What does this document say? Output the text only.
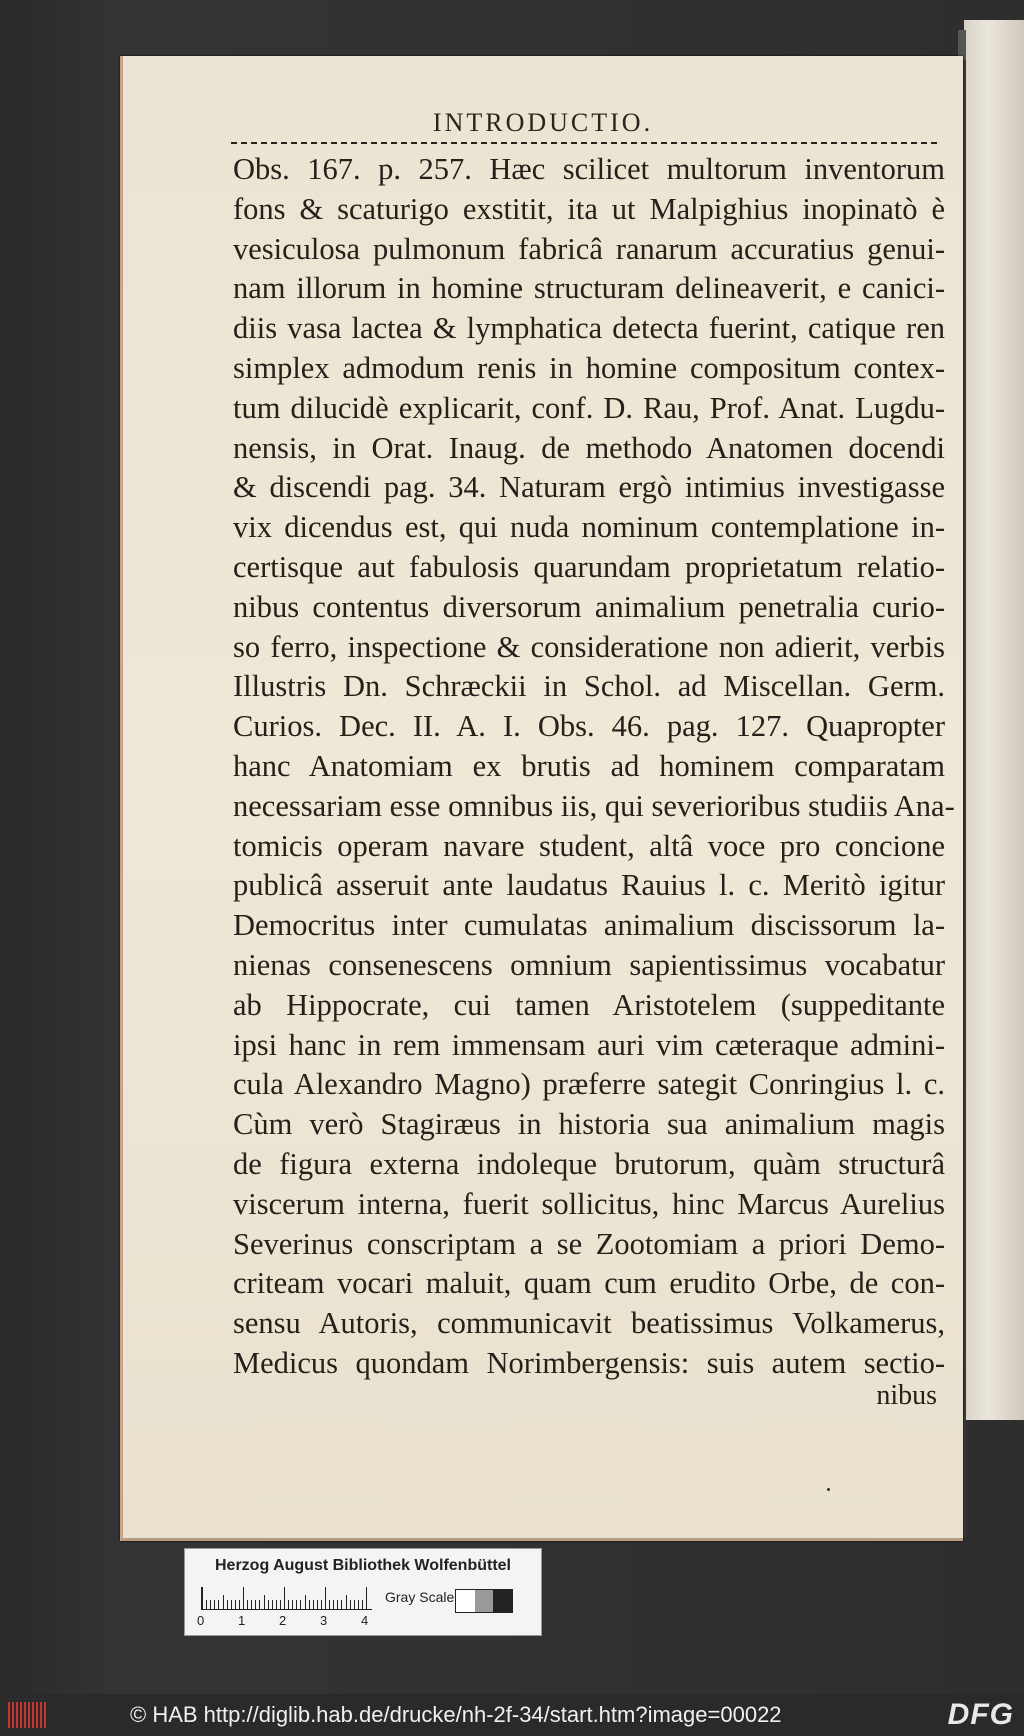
INTRODUCTIO.
Obs. 167. p. 257. Hæc scilicet multorum inventorum
fons & scaturigo exstitit, ita ut Malpighius inopinatò è
vesiculosa pulmonum fabricâ ranarum accuratius genui-
nam illorum in homine structuram delineaverit, e canici-
diis vasa lactea & lymphatica detecta fuerint, catique ren
simplex admodum renis in homine compositum contex-
tum dilucidè explicarit, conf. D. Rau, Prof. Anat. Lugdu-
nensis, in Orat. Inaug. de methodo Anatomen docendi
& discendi pag. 34. Naturam ergò intimius investigasse
vix dicendus est, qui nuda nominum contemplatione in-
certisque aut fabulosis quarundam proprietatum relatio-
nibus contentus diversorum animalium penetralia curio-
so ferro, inspectione & consideratione non adierit, verbis
Illustris Dn. Schræckii in Schol. ad Miscellan. Germ.
Curios. Dec. II. A. I. Obs. 46. pag. 127. Quapropter
hanc Anatomiam ex brutis ad hominem comparatam
necessariam esse omnibus iis, qui severioribus studiis Ana-
tomicis operam navare student, altâ voce pro concione
publicâ asseruit ante laudatus Rauius l. c. Meritò igitur
Democritus inter cumulatas animalium discissorum la-
nienas consenescens omnium sapientissimus vocabatur
ab Hippocrate, cui tamen Aristotelem (suppeditante
ipsi hanc in rem immensam auri vim cæteraque admini-
cula Alexandro Magno) præferre sategit Conringius l. c.
Cùm verò Stagiræus in historia sua animalium magis
de figura externa indoleque brutorum, quàm structurâ
viscerum interna, fuerit sollicitus, hinc Marcus Aurelius
Severinus conscriptam a se Zootomiam a priori Demo-
criteam vocari maluit, quam cum erudito Orbe, de con-
sensu Autoris, communicavit beatissimus Volkamerus,
Medicus quondam Norimbergensis: suis autem sectio-
nibus
Herzog August Bibliothek Wolfenbüttel
0	1	2	3	4
Gray Scale
© HAB http://diglib.hab.de/drucke/nh-2f-34/start.htm?image=00022	DFG
